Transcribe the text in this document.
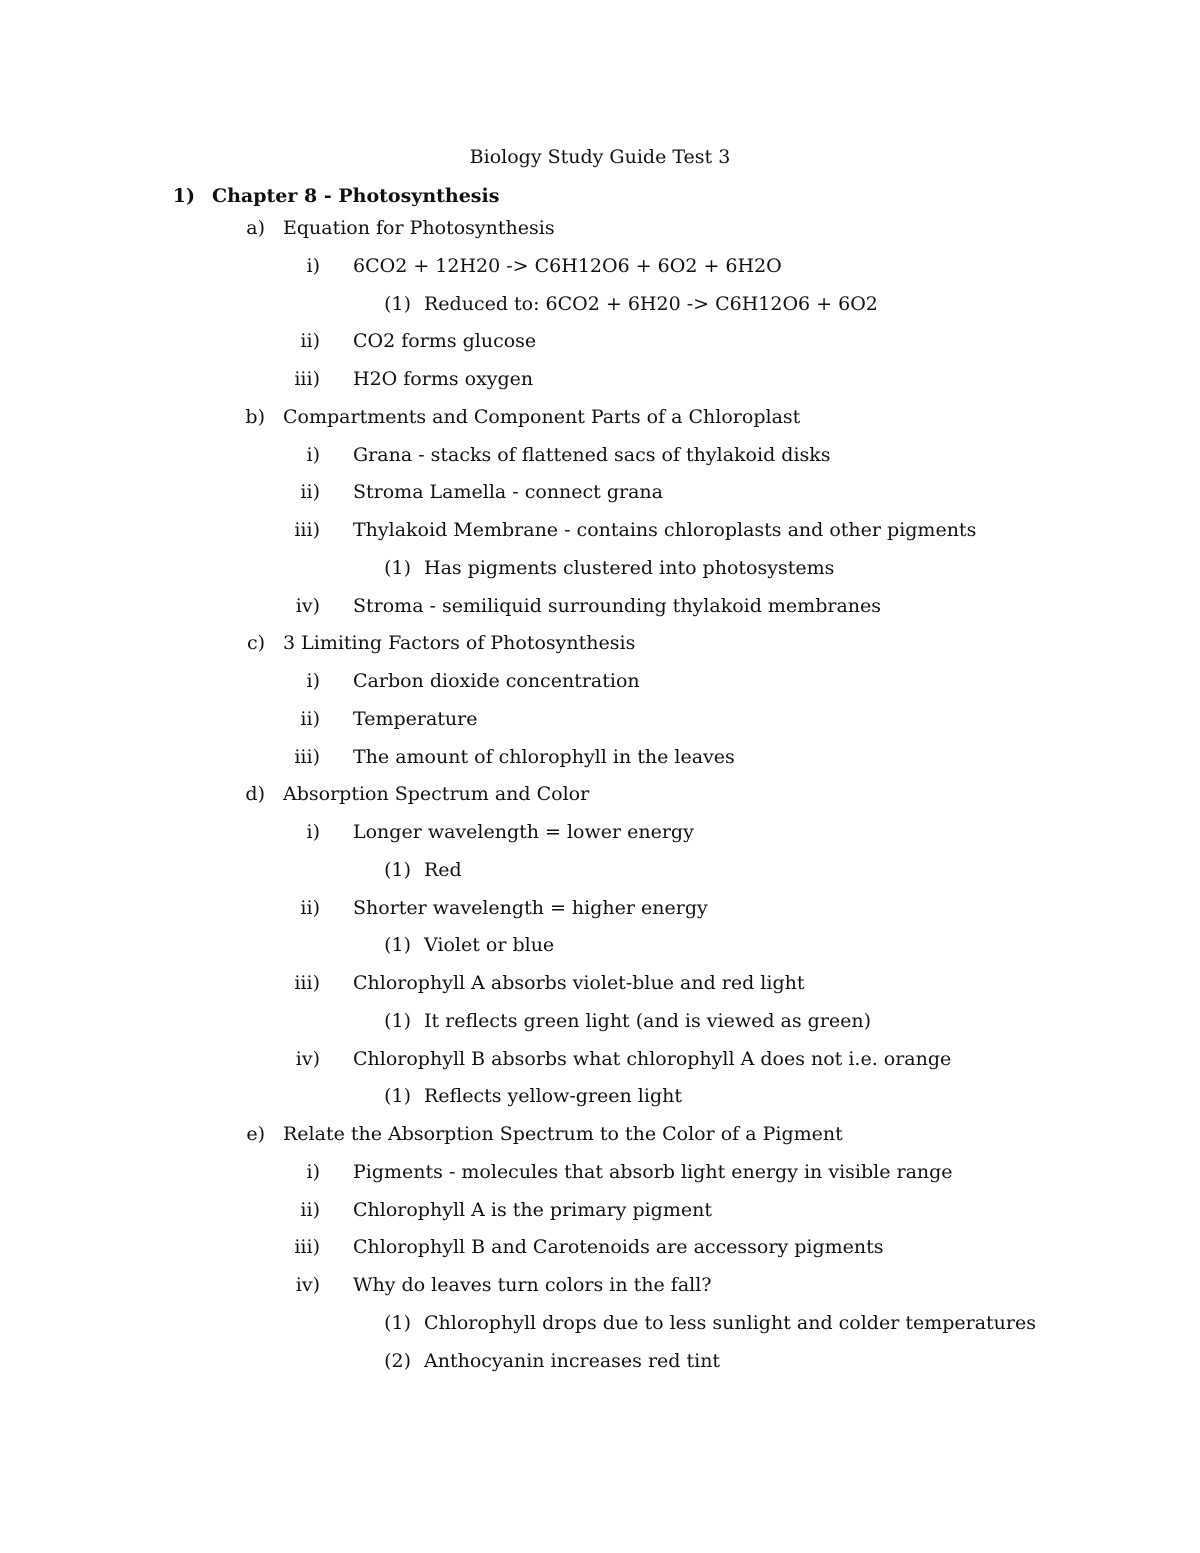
Biology Study Guide Test 3
1) Chapter 8 - Photosynthesis
a) Equation for Photosynthesis
i) 6CO2 + 12H20 -> C6H12O6 + 6O2 + 6H2O
(1) Reduced to: 6CO2 + 6H20 -> C6H12O6 + 6O2
ii) CO2 forms glucose
iii) H2O forms oxygen
b) Compartments and Component Parts of a Chloroplast
i) Grana - stacks of flattened sacs of thylakoid disks
ii) Stroma Lamella - connect grana
iii) Thylakoid Membrane - contains chloroplasts and other pigments
(1) Has pigments clustered into photosystems
iv) Stroma - semiliquid surrounding thylakoid membranes
c) 3 Limiting Factors of Photosynthesis
i) Carbon dioxide concentration
ii) Temperature
iii) The amount of chlorophyll in the leaves
d) Absorption Spectrum and Color
i) Longer wavelength = lower energy
(1) Red
ii) Shorter wavelength = higher energy
(1) Violet or blue
iii) Chlorophyll A absorbs violet-blue and red light
(1) It reflects green light (and is viewed as green)
iv) Chlorophyll B absorbs what chlorophyll A does not i.e. orange
(1) Reflects yellow-green light
e) Relate the Absorption Spectrum to the Color of a Pigment
i) Pigments - molecules that absorb light energy in visible range
ii) Chlorophyll A is the primary pigment
iii) Chlorophyll B and Carotenoids are accessory pigments
iv) Why do leaves turn colors in the fall?
(1) Chlorophyll drops due to less sunlight and colder temperatures
(2) Anthocyanin increases red tint
